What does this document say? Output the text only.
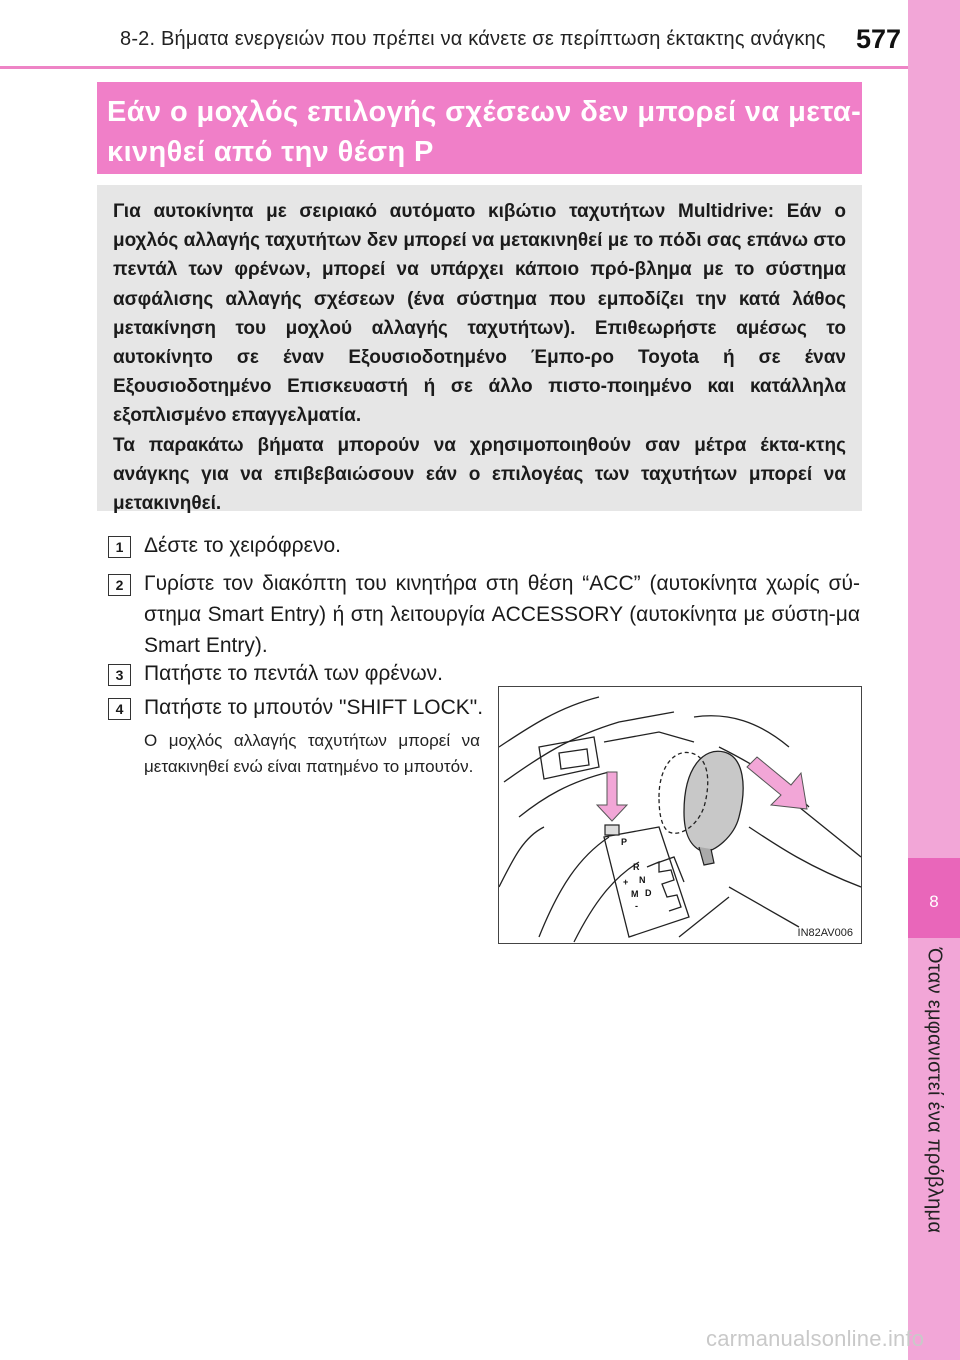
8-2. Βήματα ενεργειών που πρέπει να κάνετε σε περίπτωση έκτακτης ανάγκης	577
8
Όταν εμφανιστεί ένα πρόβλημα
Εάν ο μοχλός επιλογής σχέσεων δεν μπορεί να μετα-κινηθεί από την θέση P

Για αυτοκίνητα με σειριακό αυτόματο κιβώτιο ταχυτήτων Multidrive: Εάν ο μοχλός αλλαγής ταχυτήτων δεν μπορεί να μετακινηθεί με το πόδι σας επάνω στο πεντάλ των φρένων, μπορεί να υπάρχει κάποιο πρό-βλημα με το σύστημα ασφάλισης αλλαγής σχέσεων (ένα σύστημα που εμποδίζει την κατά λάθος μετακίνηση του μοχλού αλλαγής ταχυτήτων). Επιθεωρήστε αμέσως το αυτοκίνητο σε έναν Εξουσιοδοτημένο Έμπο-ρο Toyota ή σε έναν Εξουσιοδοτημένο Επισκευαστή ή σε άλλο πιστο-ποιημένο και κατάλληλα εξοπλισμένο επαγγελματία.

Τα παρακάτω βήματα μπορούν να χρησιμοποιηθούν σαν μέτρα έκτα-κτης ανάγκης για να επιβεβαιώσουν εάν ο επιλογέας των ταχυτήτων μπορεί να μετακινηθεί.

1 Δέστε το χειρόφρενο.
2 Γυρίστε τον διακόπτη του κινητήρα στη θέση “ACC” (αυτοκίνητα χωρίς σύ-στημα Smart Entry) ή στη λειτουργία ACCESSORY (αυτοκίνητα με σύστη-μα Smart Entry).
3 Πατήστε το πεντάλ των φρένων.
4 Πατήστε το μπουτόν "SHIFT LOCK".
Ο μοχλός αλλαγής ταχυτήτων μπορεί να μετακινηθεί ενώ είναι πατημένο το μπουτόν.
P
R
N
D
M
+
-
IN82AV006
carmanualsonline.info
